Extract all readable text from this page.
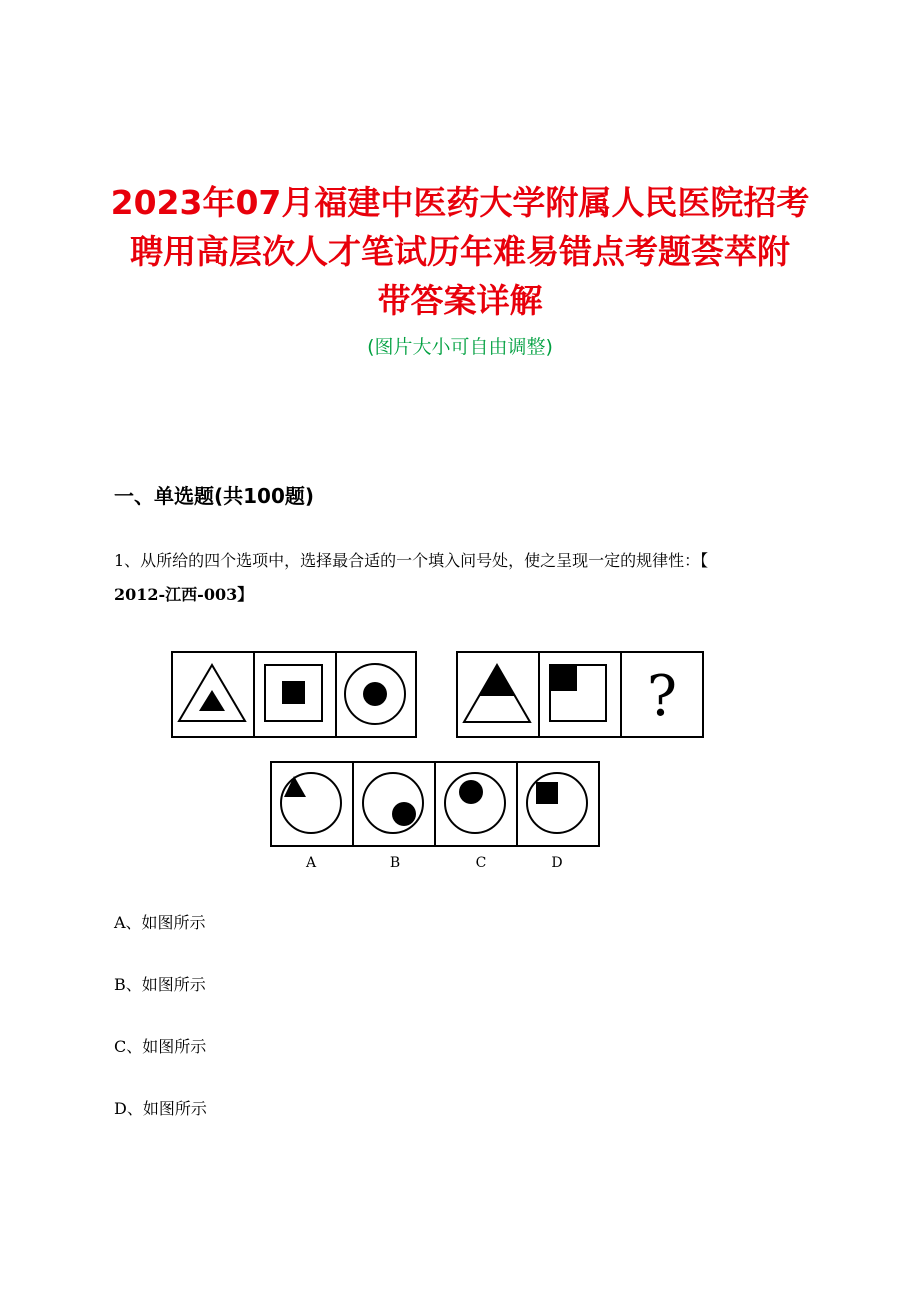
2023年07月福建中医药大学附属人民医院招考
聘用高层次人才笔试历年难易错点考题荟萃附
带答案详解
(图片大小可自由调整)
一、单选题(共100题)
1、从所给的四个选项中，选择最合适的一个填入问号处，使之呈现一定的规律性：【
2012-江西-003】
?
A	B	C	D
A、如图所示
B、如图所示
C、如图所示
D、如图所示
